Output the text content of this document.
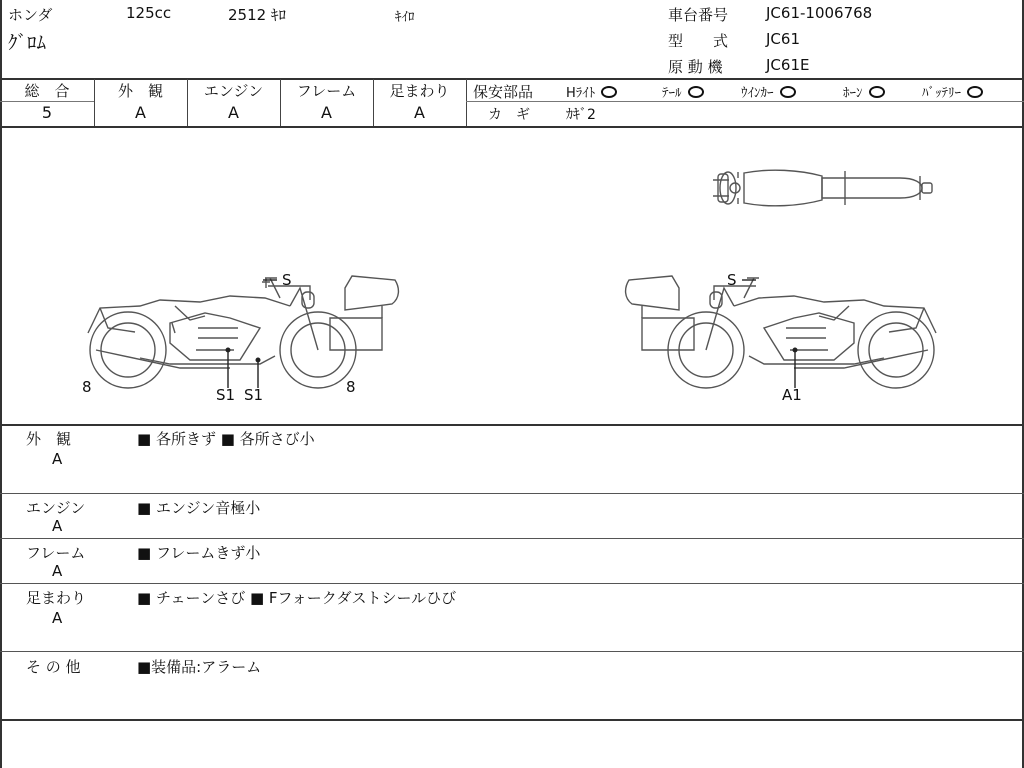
ホンダ	125cc	2512 ｷﾛ	ｷｲﾛ
ｸﾞﾛﾑ
車台番号	JC61-1006768
型　　式	JC61
原 動 機	JC61E
総　合
5
外　観
A
エンジン
A
フレーム
A
足まわり
A
保安部品	Hﾗｲﾄ	ﾃｰﾙ	ｳｲﾝｶｰ	ﾎｰﾝ	ﾊﾞｯﾃﾘｰ
カ　ギ	ｶｷﾞ2
S
S1 S1
8	8
S
A1
外　観
A
■ 各所きず ■ 各所さび小
エンジン
A
■ エンジン音極小
フレーム
A
■ フレームきず小
足まわり
A
■ チェーンさび ■ Fフォークダストシールひび
そ の 他	■装備品:アラーム
